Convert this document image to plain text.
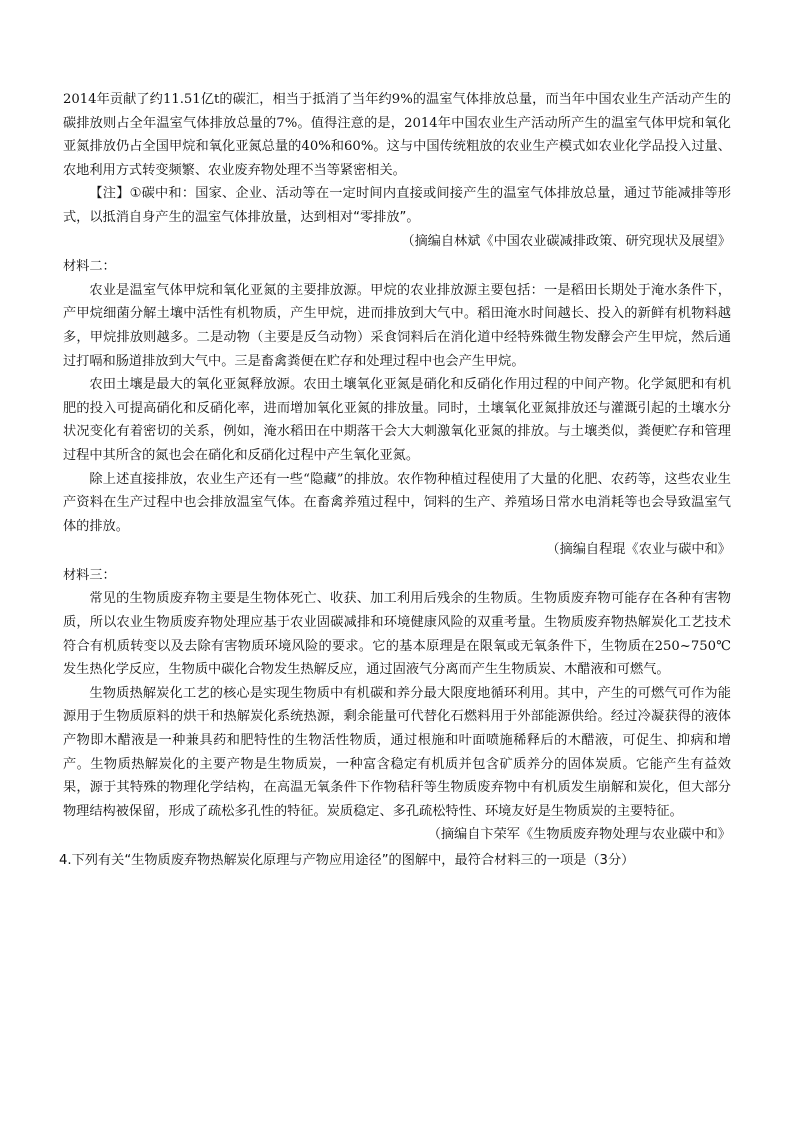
2014年贡献了约11.51亿t的碳汇，相当于抵消了当年约9%的温室气体排放总量，而当年中国农业生产活动产生的碳排放则占全年温室气体排放总量的7%。值得注意的是，2014年中国农业生产活动所产生的温室气体甲烷和氧化亚氮排放仍占全国甲烷和氧化亚氮总量的40%和60%。这与中国传统粗放的农业生产模式如农业化学品投入过量、农地利用方式转变频繁、农业废弃物处理不当等紧密相关。

【注】①碳中和：国家、企业、活动等在一定时间内直接或间接产生的温室气体排放总量，通过节能减排等形式，以抵消自身产生的温室气体排放量，达到相对“零排放”。

（摘编自林斌《中国农业碳减排政策、研究现状及展望》
材料二：

农业是温室气体甲烷和氧化亚氮的主要排放源。甲烷的农业排放源主要包括：一是稻田长期处于淹水条件下，产甲烷细菌分解土壤中活性有机物质，产生甲烷，进而排放到大气中。稻田淹水时间越长、投入的新鲜有机物料越多，甲烷排放则越多。二是动物（主要是反刍动物）采食饲料后在消化道中经特殊微生物发酵会产生甲烷，然后通过打嗝和肠道排放到大气中。三是畜禽粪便在贮存和处理过程中也会产生甲烷。

农田土壤是最大的氧化亚氮释放源。农田土壤氧化亚氮是硝化和反硝化作用过程的中间产物。化学氮肥和有机肥的投入可提高硝化和反硝化率，进而增加氧化亚氮的排放量。同时，土壤氧化亚氮排放还与灌溉引起的土壤水分状况变化有着密切的关系，例如，淹水稻田在中期落干会大大刺激氧化亚氮的排放。与土壤类似，粪便贮存和管理过程中其所含的氮也会在硝化和反硝化过程中产生氧化亚氮。

除上述直接排放，农业生产还有一些“隐藏”的排放。农作物种植过程使用了大量的化肥、农药等，这些农业生产资料在生产过程中也会排放温室气体。在畜禽养殖过程中，饲料的生产、养殖场日常水电消耗等也会导致温室气体的排放。

（摘编自程琨《农业与碳中和》
材料三：

常见的生物质废弃物主要是生物体死亡、收获、加工利用后残余的生物质。生物质废弃物可能存在各种有害物质，所以农业生物质废弃物处理应基于农业固碳减排和环境健康风险的双重考量。生物质废弃物热解炭化工艺技术符合有机质转变以及去除有害物质环境风险的要求。它的基本原理是在限氧或无氧条件下，生物质在250~750℃发生热化学反应，生物质中碳化合物发生热解反应，通过固液气分离而产生生物质炭、木醋液和可燃气。

生物质热解炭化工艺的核心是实现生物质中有机碳和养分最大限度地循环利用。其中，产生的可燃气可作为能源用于生物质原料的烘干和热解炭化系统热源，剩余能量可代替化石燃料用于外部能源供给。经过冷凝获得的液体产物即木醋液是一种兼具药和肥特性的生物活性物质，通过根施和叶面喷施稀释后的木醋液，可促生、抑病和增产。生物质热解炭化的主要产物是生物质炭，一种富含稳定有机质并包含矿质养分的固体炭质。它能产生有益效果，源于其特殊的物理化学结构，在高温无氧条件下作物秸秆等生物质废弃物中有机质发生崩解和炭化，但大部分物理结构被保留，形成了疏松多孔性的特征。炭质稳定、多孔疏松特性、环境友好是生物质炭的主要特征。

（摘编自卞荣军《生物质废弃物处理与农业碳中和》
4.下列有关“生物质废弃物热解炭化原理与产物应用途径”的图解中，最符合材料三的一项是（3分）
